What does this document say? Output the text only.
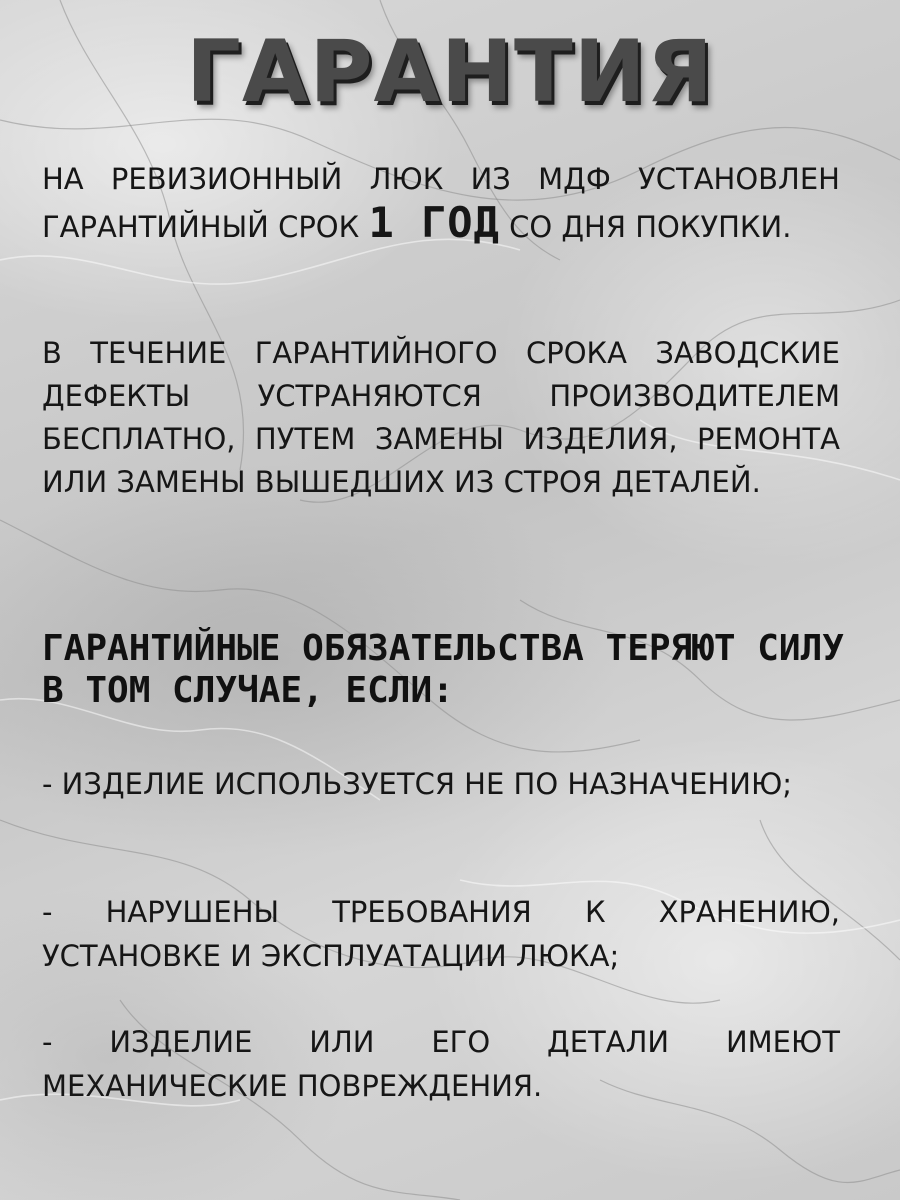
ГАРАНТИЯ

НА РЕВИЗИОННЫЙ ЛЮК ИЗ МДФ УСТАНОВЛЕН ГАРАНТИЙНЫЙ СРОК 1 ГОД СО ДНЯ ПОКУПКИ.

В ТЕЧЕНИЕ ГАРАНТИЙНОГО СРОКА ЗАВОДСКИЕ ДЕФЕКТЫ УСТРАНЯЮТСЯ ПРОИЗВОДИТЕЛЕМ БЕСПЛАТНО, ПУТЕМ ЗАМЕНЫ ИЗДЕЛИЯ, РЕМОНТА ИЛИ ЗАМЕНЫ ВЫШЕДШИХ ИЗ СТРОЯ ДЕТАЛЕЙ.

ГАРАНТИЙНЫЕ ОБЯЗАТЕЛЬСТВА ТЕРЯЮТ СИЛУ В ТОМ СЛУЧАЕ, ЕСЛИ:

- ИЗДЕЛИЕ ИСПОЛЬЗУЕТСЯ НЕ ПО НАЗНАЧЕНИЮ;

- НАРУШЕНЫ ТРЕБОВАНИЯ К ХРАНЕНИЮ, УСТАНОВКЕ И ЭКСПЛУАТАЦИИ ЛЮКА;

- ИЗДЕЛИЕ ИЛИ ЕГО ДЕТАЛИ ИМЕЮТ МЕХАНИЧЕСКИЕ ПОВРЕЖДЕНИЯ.
